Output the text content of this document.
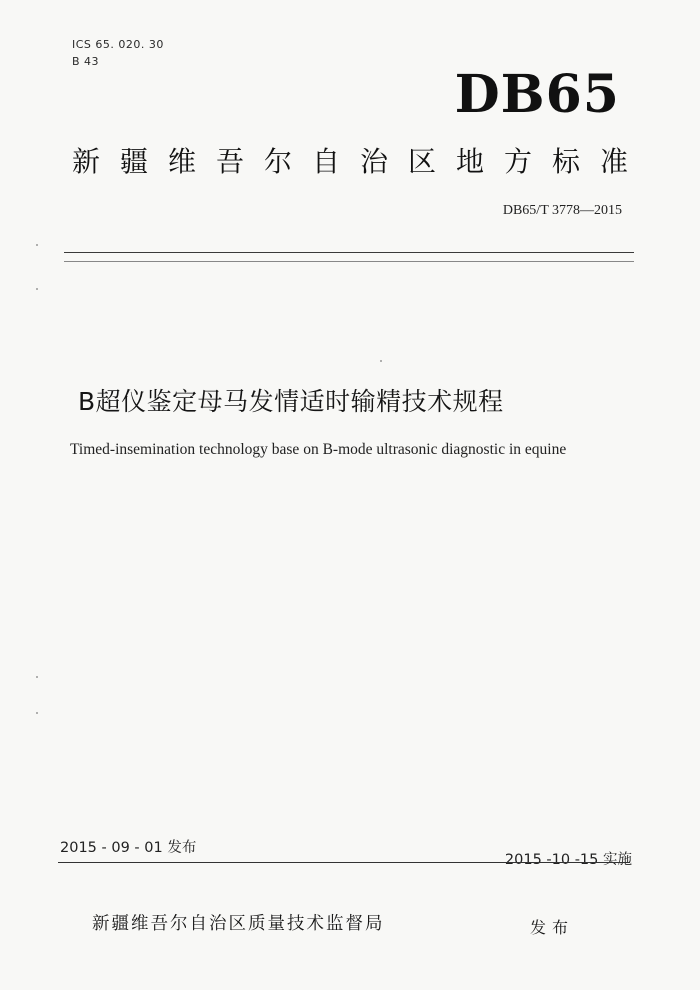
ICS 65. 020. 30
B 43
DB65
新疆维吾尔自治区地方标准
DB65/T 3778—2015
B超仪鉴定母马发情适时输精技术规程
Timed-insemination technology base on B-mode ultrasonic diagnostic in equine
2015 - 09 - 01 发布
2015 -10 -15 实施
新疆维吾尔自治区质量技术监督局	发布
